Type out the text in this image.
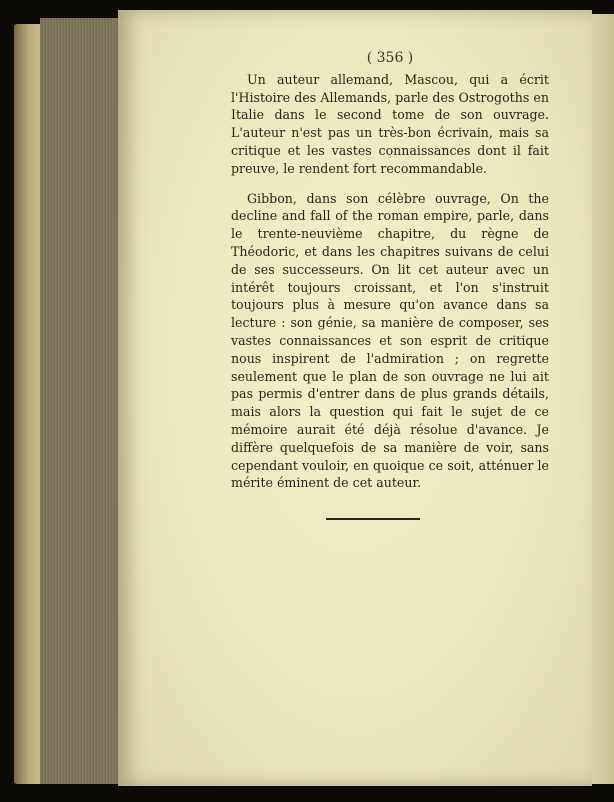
( 356 )

Un auteur allemand, Mascou, qui a écrit l'Histoire des Allemands, parle des Ostrogoths en Italie dans le second tome de son ouvrage. L'auteur n'est pas un très-bon écrivain, mais sa critique et les vastes connaissances dont il fait preuve, le rendent fort recommandable.

Gibbon, dans son célèbre ouvrage, On the decline and fall of the roman empire, parle, dans le trente-neuvième chapitre, du règne de Théodoric, et dans les chapitres suivans de celui de ses successeurs. On lit cet auteur avec un intérêt toujours croissant, et l'on s'instruit toujours plus à mesure qu'on avance dans sa lecture : son génie, sa manière de composer, ses vastes connaissances et son esprit de critique nous inspirent de l'admiration ; on regrette seulement que le plan de son ouvrage ne lui ait pas permis d'entrer dans de plus grands détails, mais alors la question qui fait le sujet de ce mémoire aurait été déjà résolue d'avance. Je diffère quelquefois de sa manière de voir, sans cependant vouloir, en quoique ce soit, atténuer le mérite éminent de cet auteur.
